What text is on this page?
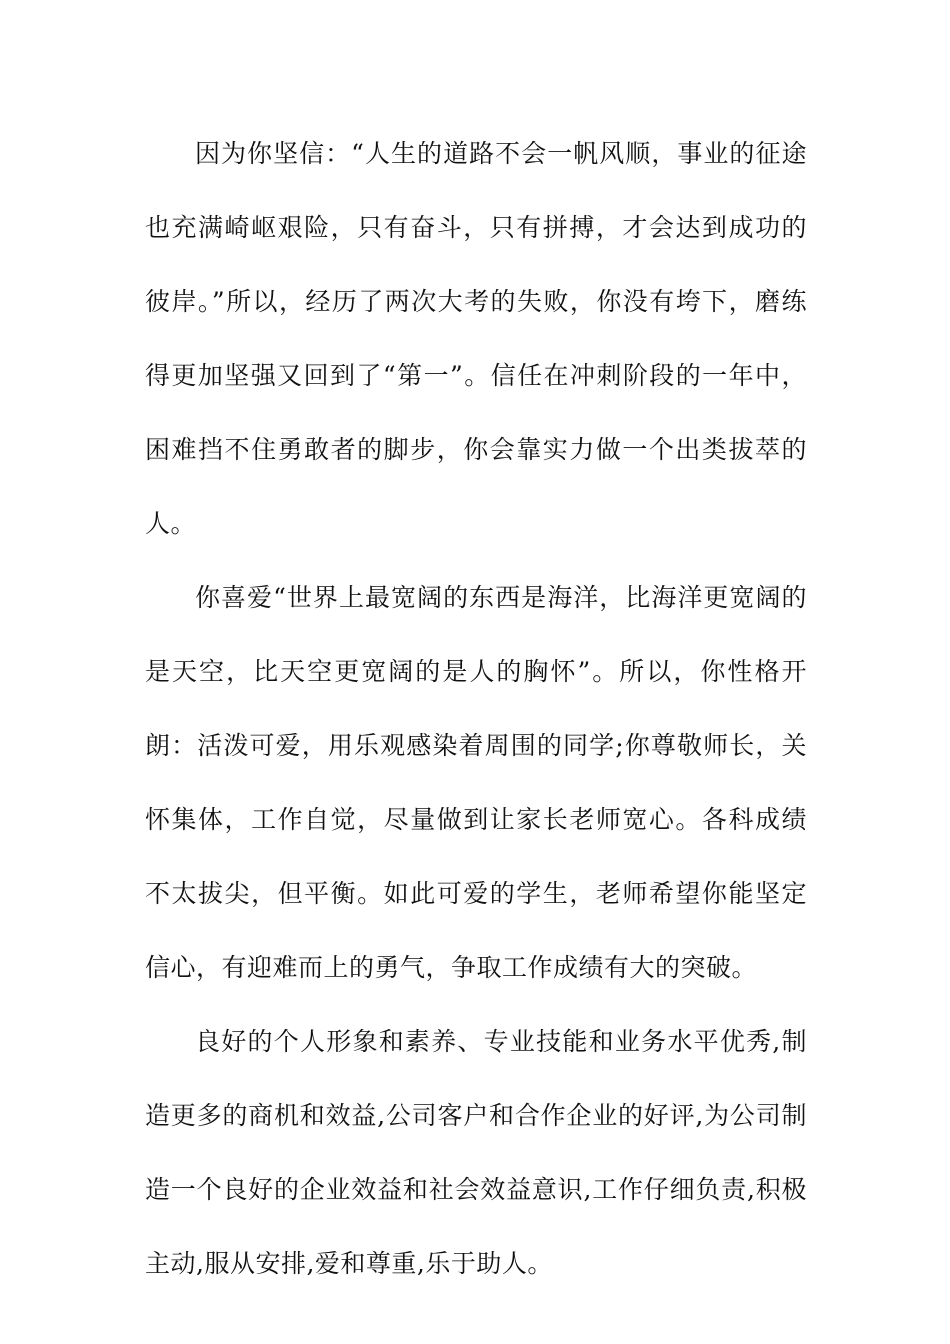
因为你坚信：“人生的道路不会一帆风顺，事业的征途也充满崎岖艰险，只有奋斗，只有拼搏，才会达到成功的彼岸。”所以，经历了两次大考的失败，你没有垮下，磨练得更加坚强又回到了“第一”。信任在冲刺阶段的一年中，困难挡不住勇敢者的脚步，你会靠实力做一个出类拔萃的人。

你喜爱“世界上最宽阔的东西是海洋，比海洋更宽阔的是天空，比天空更宽阔的是人的胸怀”。所以，你性格开朗：活泼可爱，用乐观感染着周围的同学;你尊敬师长，关怀集体，工作自觉，尽量做到让家长老师宽心。各科成绩不太拔尖，但平衡。如此可爱的学生，老师希望你能坚定信心，有迎难而上的勇气，争取工作成绩有大的突破。

良好的个人形象和素养、专业技能和业务水平优秀,制造更多的商机和效益,公司客户和合作企业的好评,为公司制造一个良好的企业效益和社会效益意识,工作仔细负责,积极主动,服从安排,爱和尊重,乐于助人。
